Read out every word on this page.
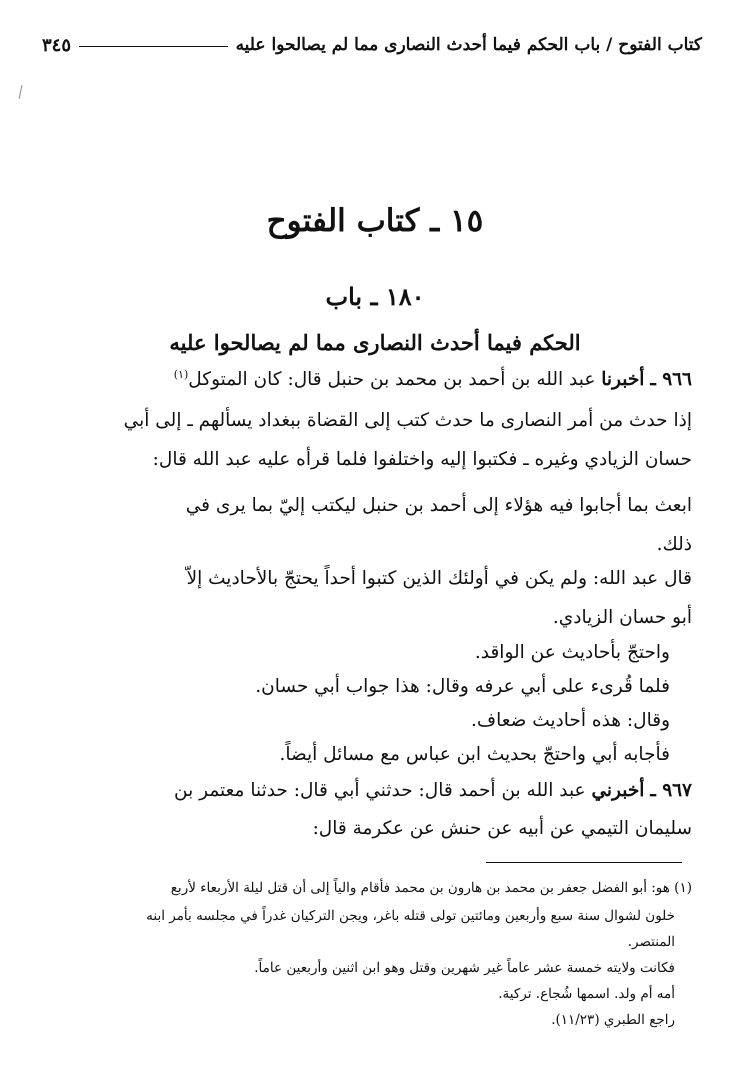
كتاب الفتوح / باب الحكم فيما أحدث النصارى مما لم يصالحوا عليه
٣٤٥
١٥ ـ كتاب الفتوح
١٨٠ ـ باب
الحكم فيما أحدث النصارى مما لم يصالحوا عليه
٩٦٦ ـ أخبرنا عبد الله بن أحمد بن محمد بن حنبل قال: كان المتوكل$^{(١)}$
إذا حدث من أمر النصارى ما حدث كتب إلى القضاة ببغداد يسألهم ـ إلى أبي
حسان الزيادي وغيره ـ فكتبوا إليه واختلفوا فلما قرأه عليه عبد الله قال:
ابعث بما أجابوا فيه هؤلاء إلى أحمد بن حنبل ليكتب إليّ بما يرى في
ذلك.
قال عبد الله: ولم يكن في أولئك الذين كتبوا أحداً يحتجّ بالأحاديث إلاّ
أبو حسان الزيادي.
واحتجّ بأحاديث عن الواقد.
فلما قُرىء على أبي عرفه وقال: هذا جواب أبي حسان.
وقال: هذه أحاديث ضعاف.
فأجابه أبي واحتجّ بحديث ابن عباس مع مسائل أيضاً.
٩٦٧ ـ أخبرني عبد الله بن أحمد قال: حدثني أبي قال: حدثنا معتمر بن
سليمان التيمي عن أبيه عن حنش عن عكرمة قال:
(١) هو: أبو الفضل جعفر بن محمد بن هارون بن محمد فأقام والياً إلى أن قتل ليلة الأربعاء لأربع
خلون لشوال سنة سبع وأربعين ومائتين تولى قتله باغر، ويجن التركيان غدراً في مجلسه بأمر ابنه
المنتصر.
فكانت ولايته خمسة عشر عاماً غير شهرين وقتل وهو ابن اثنين وأربعين عاماً.
أمه أم ولد. اسمها شُجاع. تركية.
راجع الطبري (١١/٢٣).
